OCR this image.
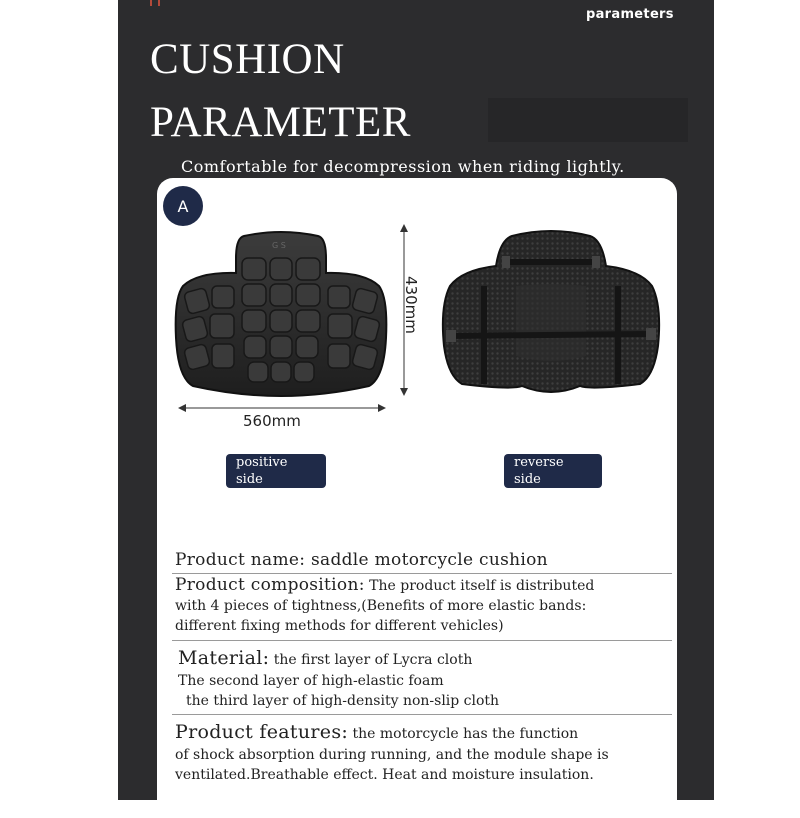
parameters
CUSHION
PARAMETER
Comfortable for decompression when riding lightly.
A
G S
430mm
560mm
positive
side
reverse
side
Product name: saddle motorcycle cushion
Product composition: The product itself is distributed
with 4 pieces of tightness,(Benefits of more elastic bands:
different fixing methods for different vehicles)
Material: the first layer of Lycra cloth
The second layer of high-elastic foam
the third layer of high-density non-slip cloth
Product features: the motorcycle has the function
of shock absorption during running, and the module shape is
ventilated.Breathable effect. Heat and moisture insulation.
